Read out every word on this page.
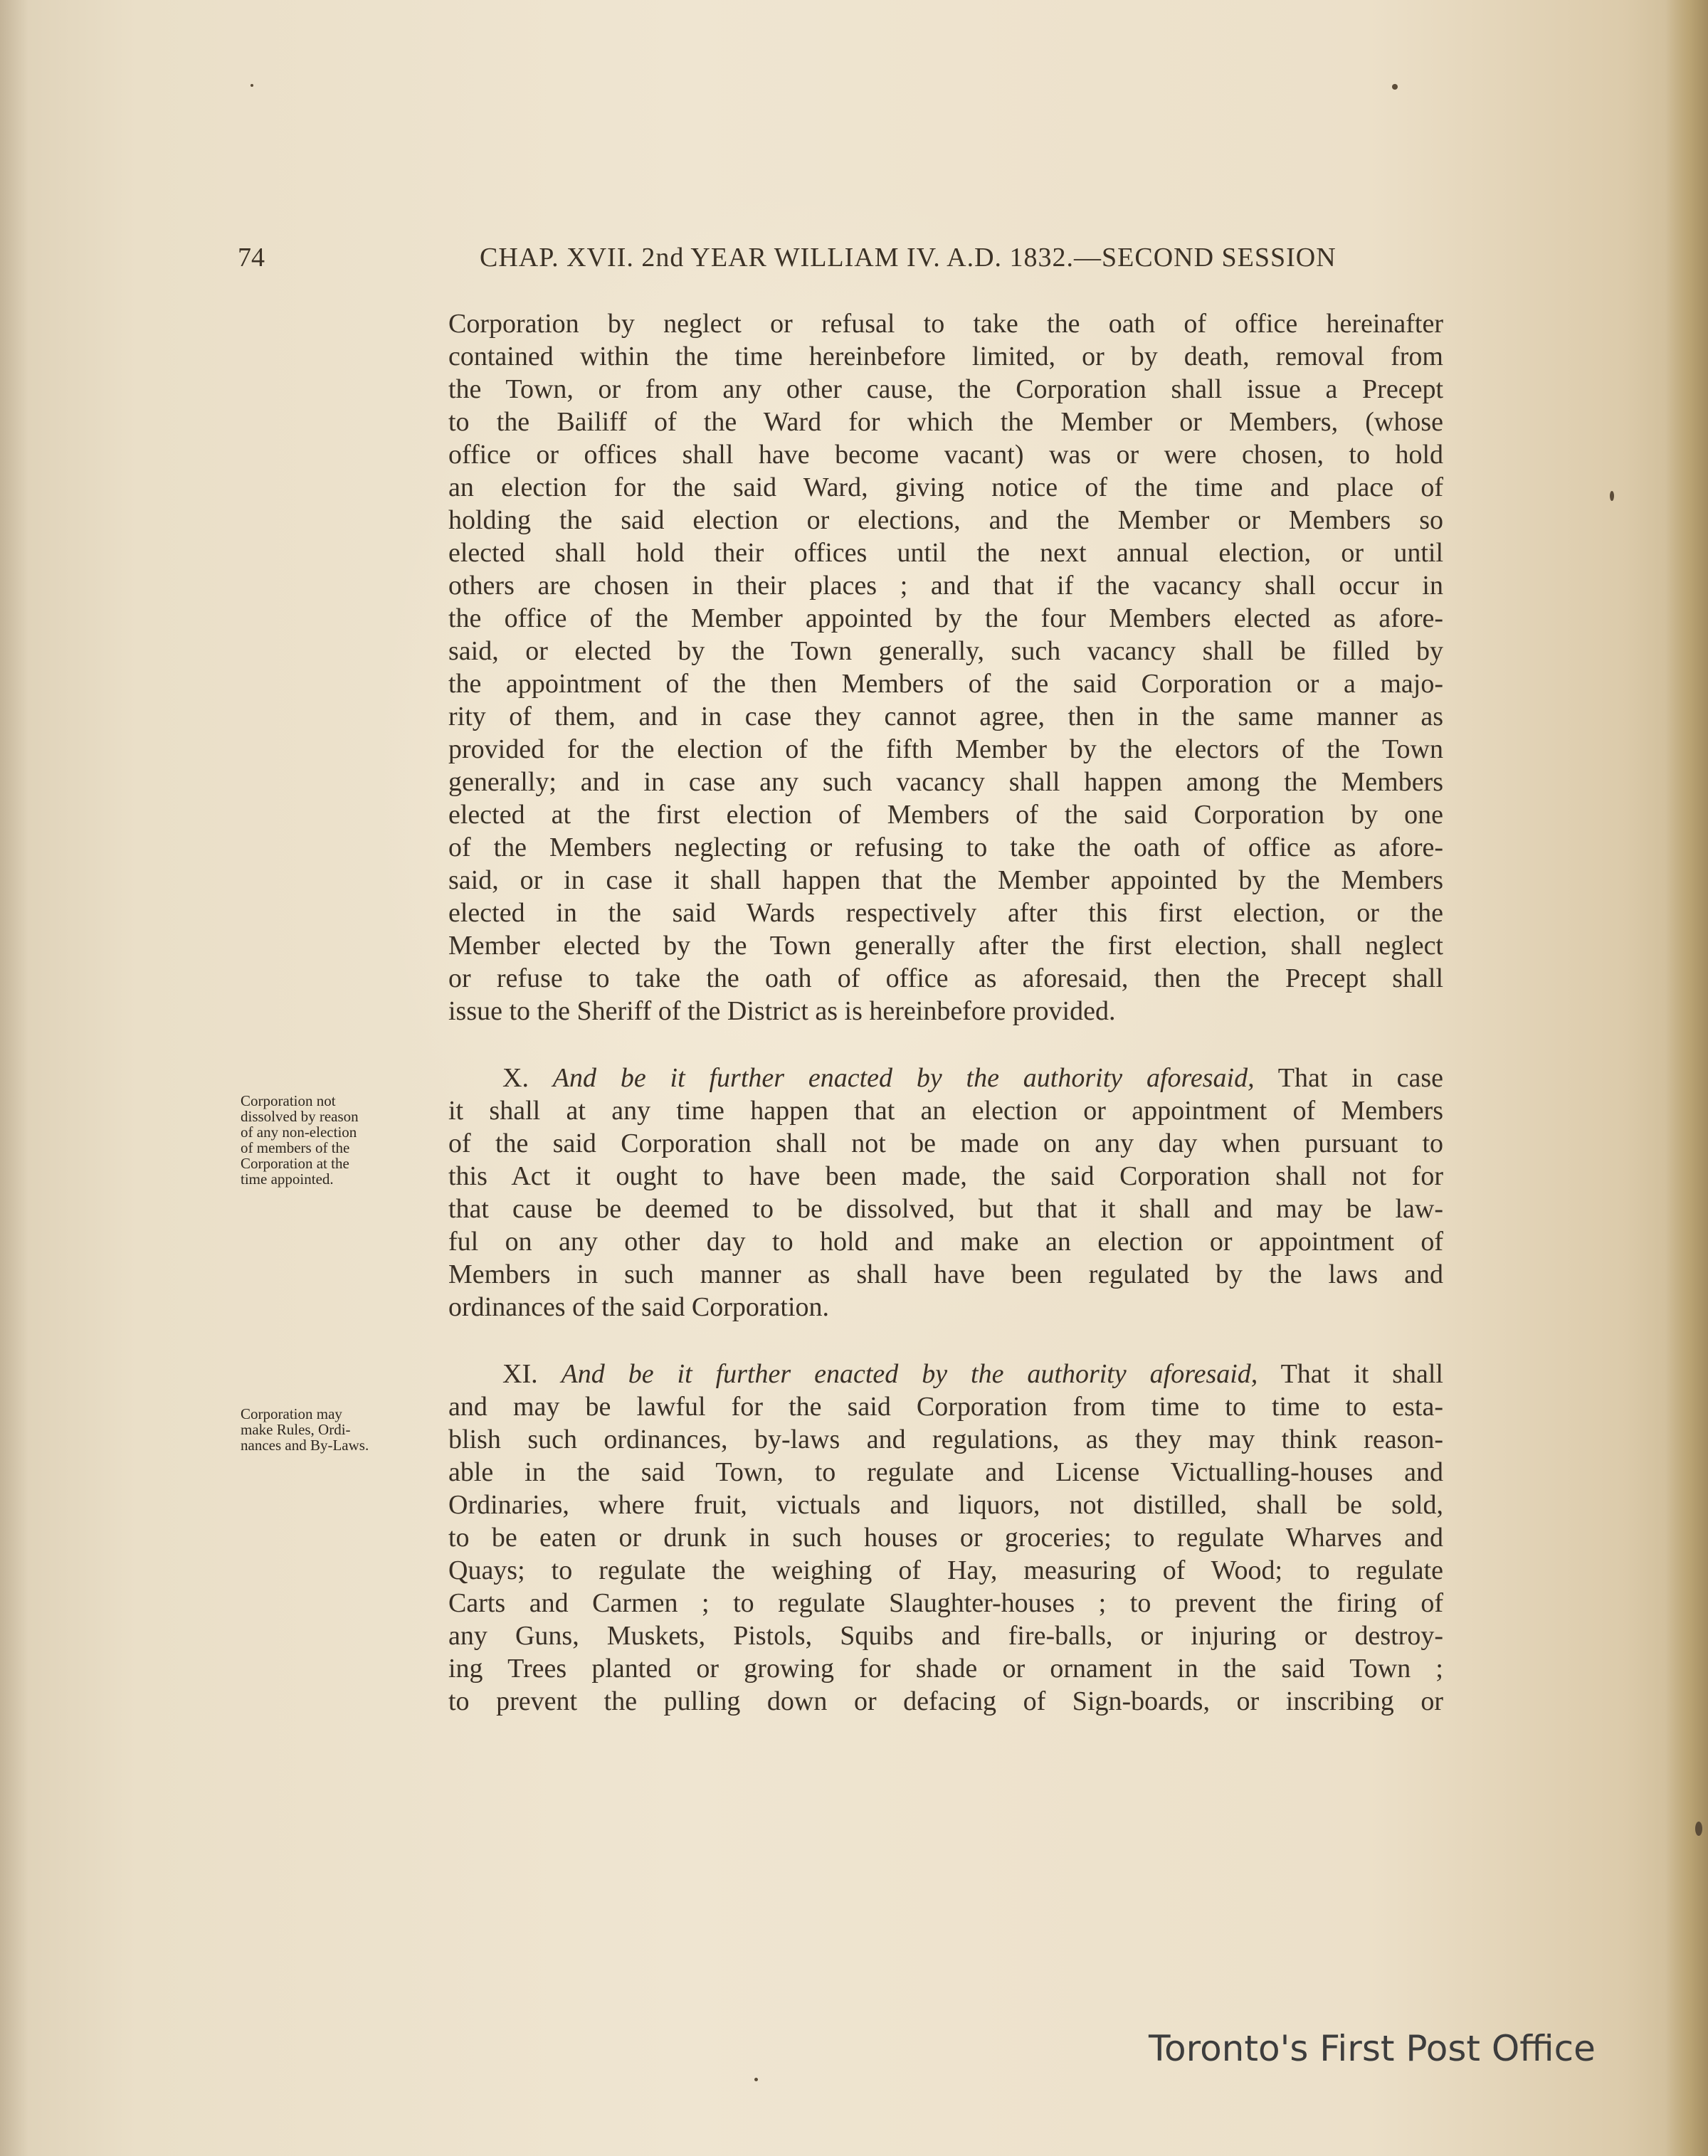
74	CHAP. XVII. 2nd YEAR WILLIAM IV. A.D. 1832.—SECOND SESSION
Corporation by neglect or refusal to take the oath of office hereinafter
contained within the time hereinbefore limited, or by death, removal from
the Town, or from any other cause, the Corporation shall issue a Precept
to the Bailiff of the Ward for which the Member or Members, (whose
office or offices shall have become vacant) was or were chosen, to hold
an election for the said Ward, giving notice of the time and place of
holding the said election or elections, and the Member or Members so
elected shall hold their offices until the next annual election, or until
others are chosen in their places ; and that if the vacancy shall occur in
the office of the Member appointed by the four Members elected as afore-
said, or elected by the Town generally, such vacancy shall be filled by
the appointment of the then Members of the said Corporation or a majo-
rity of them, and in case they cannot agree, then in the same manner as
provided for the election of the fifth Member by the electors of the Town
generally; and in case any such vacancy shall happen among the Members
elected at the first election of Members of the said Corporation by one
of the Members neglecting or refusing to take the oath of office as afore-
said, or in case it shall happen that the Member appointed by the Members
elected in the said Wards respectively after this first election, or the
Member elected by the Town generally after the first election, shall neglect
or refuse to take the oath of office as aforesaid, then the Precept shall
issue to the Sheriff of the District as is hereinbefore provided.
  X. And be it further enacted by the authority aforesaid, That in case
it shall at any time happen that an election or appointment of Members
of the said Corporation shall not be made on any day when pursuant to
this Act it ought to have been made, the said Corporation shall not for
that cause be deemed to be dissolved, but that it shall and may be law-
ful on any other day to hold and make an election or appointment of
Members in such manner as shall have been regulated by the laws and
ordinances of the said Corporation.
  XI. And be it further enacted by the authority aforesaid, That it shall
and may be lawful for the said Corporation from time to time to esta-
blish such ordinances, by-laws and regulations, as they may think reason-
able in the said Town, to regulate and License Victualling-houses and
Ordinaries, where fruit, victuals and liquors, not distilled, shall be sold,
to be eaten or drunk in such houses or groceries; to regulate Wharves and
Quays; to regulate the weighing of Hay, measuring of Wood; to regulate
Carts and Carmen ; to regulate Slaughter-houses ; to prevent the firing of
any Guns, Muskets, Pistols, Squibs and fire-balls, or injuring or destroy-
ing Trees planted or growing for shade or ornament in the said Town ;
to prevent the pulling down or defacing of Sign-boards, or inscribing or
Corporation not
dissolved by reason
of any non-election
of members of the
Corporation at the
time appointed.
Corporation may
make Rules, Ordi-
nances and By-Laws.
Toronto's First Post Office
